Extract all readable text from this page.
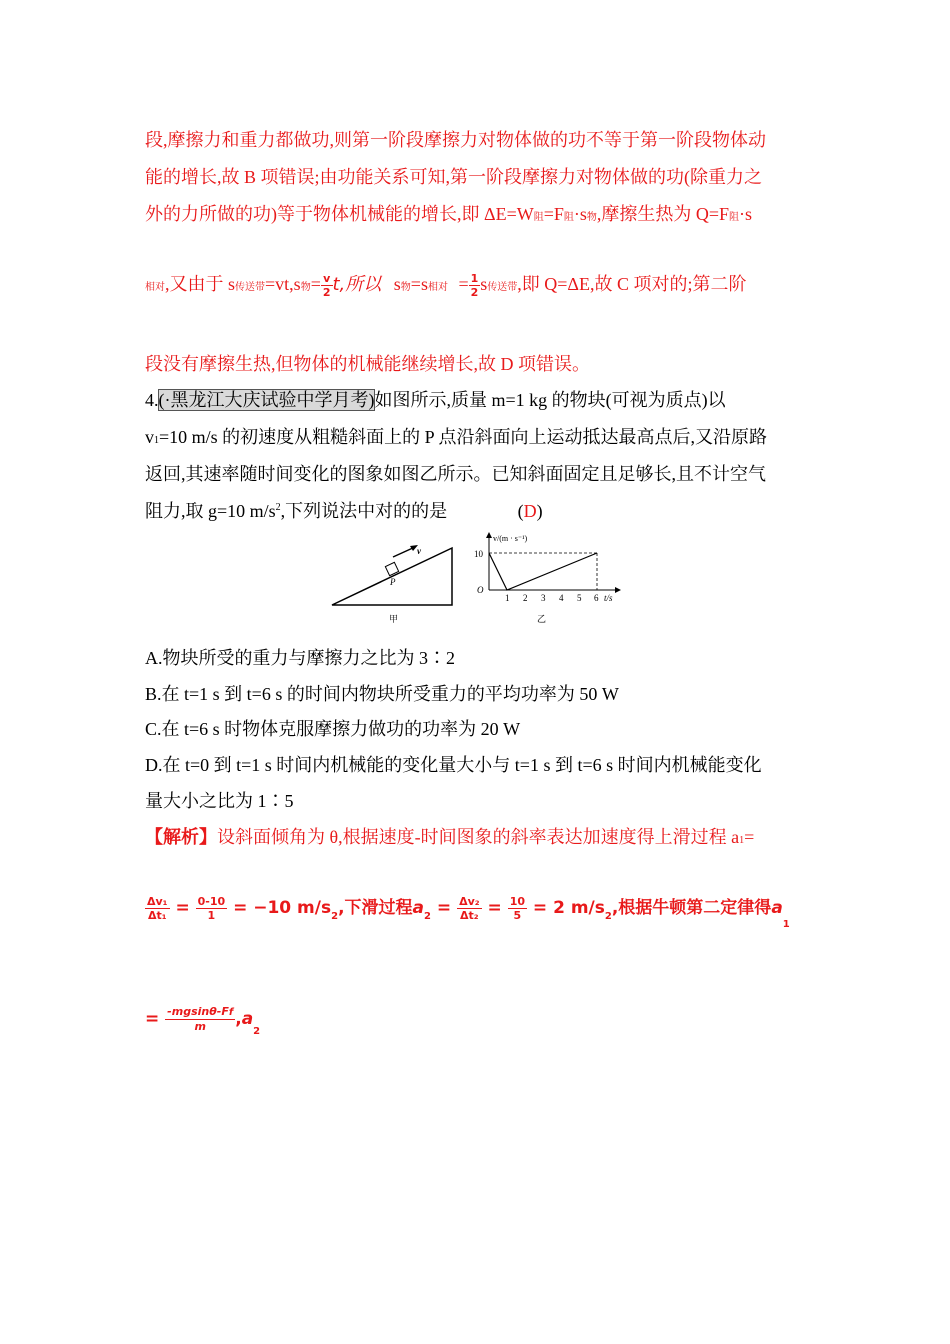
段,摩擦力和重力都做功,则第一阶段摩擦力对物体做的功不等于第一阶段物体动
能的增长,故 B 项错误;由功能关系可知,第一阶段摩擦力对物体做的功(除重力之
外的力所做的功)等于物体机械能的增长,即 ΔE=W阻=F阻·s物,摩擦生热为 Q=F阻·s
相对,又由于 s传送带=vt,s物= $\frac{v}{2} t$,所以 s物=s相对 = $\frac{1}{2}$ s传送带,即 Q=ΔE,故 C 项对的;第二阶
段没有摩擦生热,但物体的机械能继续增长,故 D 项错误。
4.(·黑龙江大庆试验中学月考)如图所示,质量 m=1 kg 的物块(可视为质点)以
v1=10 m/s 的初速度从粗糙斜面上的 P 点沿斜面向上运动抵达最高点后,又沿原路
返回,其速率随时间变化的图象如图乙所示。已知斜面固定且足够长,且不计空气
阻力,取 g=10 $m/s^2$,下列说法中对的的是	(D)
v
P
甲
v/(m · s⁻¹)
10
O
1 2 3 4 5 6 t/s
乙
A.物块所受的重力与摩擦力之比为 3∶2
B.在 t=1 s 到 t=6 s 的时间内物块所受重力的平均功率为 50 W
C.在 t=6 s 时物体克服摩擦力做功的功率为 20 W
D.在 t=0 到 t=1 s 时间内机械能的变化量大小与 t=1 s 到 t=6 s 时间内机械能变化
量大小之比为 1∶5
【解析】设斜面倾角为 θ,根据速度-时间图象的斜率表达加速度得上滑过程 a1=
$\frac{\text{Δv₁}}{\text{Δt₁}} = \frac{0-10}{1} = -10$ $m/s_2$,下滑过程$a_2 = \frac{\text{Δv₂}}{\text{Δt₂}} = \frac{10}{5} = 2$ $m/s_2$,根据牛顿第二定律得$a_1$
= $\frac{-mgsin\theta-Ff}{m} ,a_2$
